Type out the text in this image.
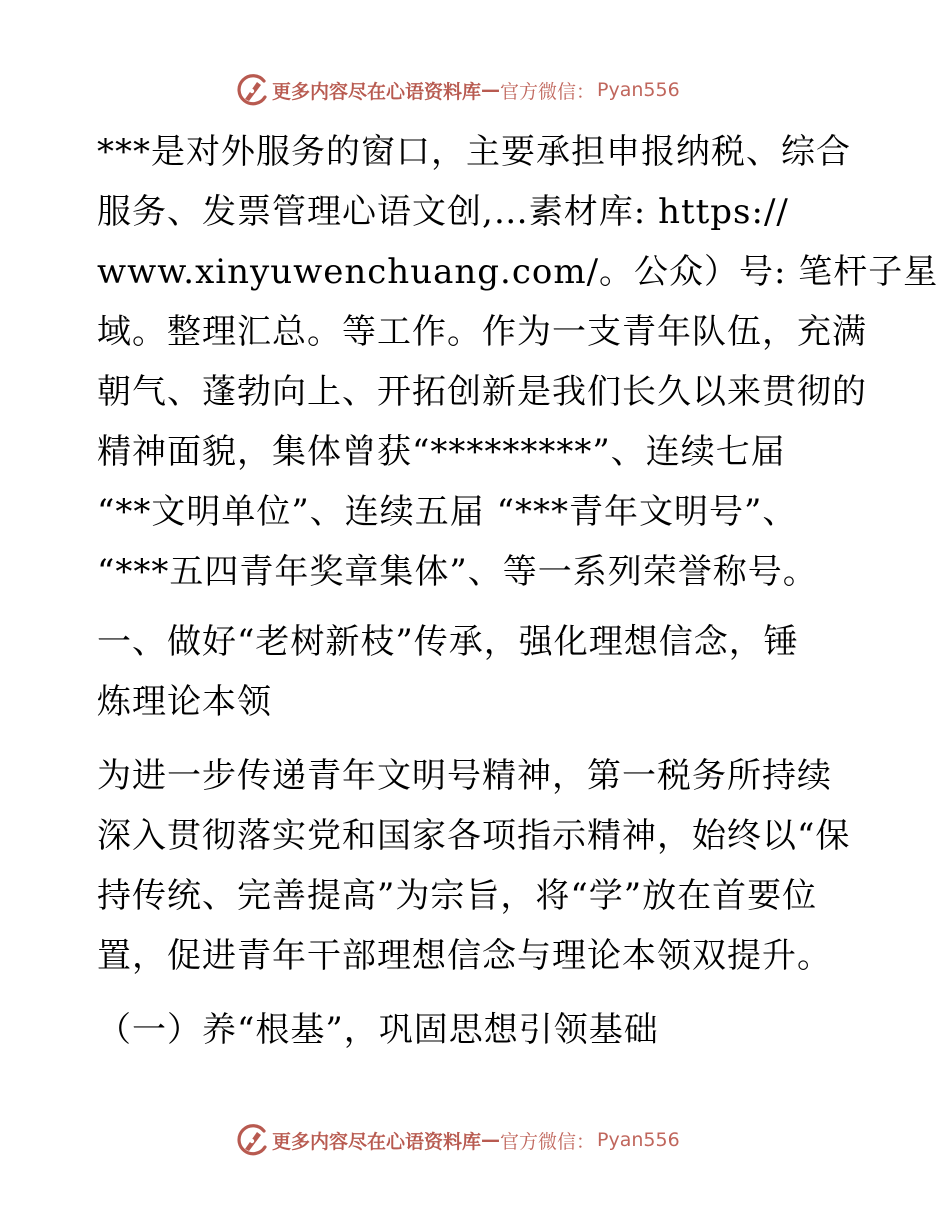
更多内容尽在心语资料库 — 官方微信： Pyan556
***是对外服务的窗口，主要承担申报纳税、综合
服务、发票管理心语文创,…素材库: https://
www.xinyuwenchuang.com/。公众）号: 笔杆子星
域。整理汇总。等工作。作为一支青年队伍，充满
朝气、蓬勃向上、开拓创新是我们长久以来贯彻的
精神面貌，集体曾获“*********”、连续七届
“**文明单位”、连续五届 “***青年文明号”、
“***五四青年奖章集体”、等一系列荣誉称号。
一、做好“老树新枝”传承，强化理想信念，锤
炼理论本领
为进一步传递青年文明号精神，第一税务所持续
深入贯彻落实党和国家各项指示精神，始终以“保
持传统、完善提高”为宗旨，将“学”放在首要位
置，促进青年干部理想信念与理论本领双提升。
（一）养“根基”，巩固思想引领基础
更多内容尽在心语资料库 — 官方微信： Pyan556
